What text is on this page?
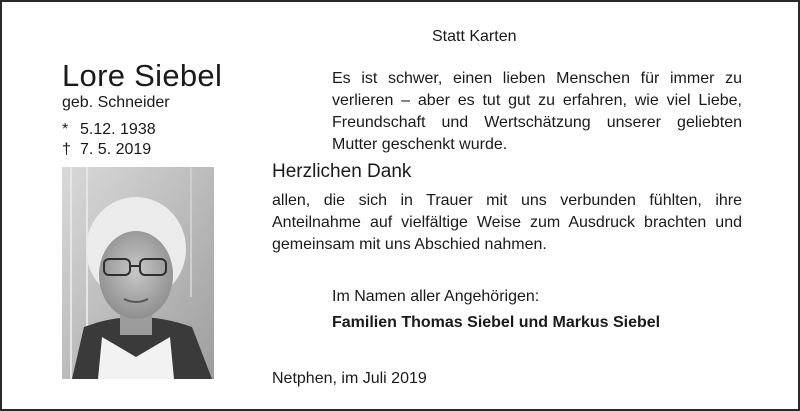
Statt Karten
Lore Siebel
geb. Schneider
* 5.12. 1938
† 7. 5. 2019
Es ist schwer, einen lieben Menschen für immer zu verlieren – aber es tut gut zu erfahren, wie viel Liebe, Freundschaft und Wertschätzung unserer geliebten Mutter geschenkt wurde.
Herzlichen Dank
allen, die sich in Trauer mit uns verbunden fühlten, ihre Anteilnahme auf vielfältige Weise zum Ausdruck brachten und gemeinsam mit uns Abschied nahmen.
Im Namen aller Angehörigen:
Familien Thomas Siebel und Markus Siebel
Netphen, im Juli 2019
